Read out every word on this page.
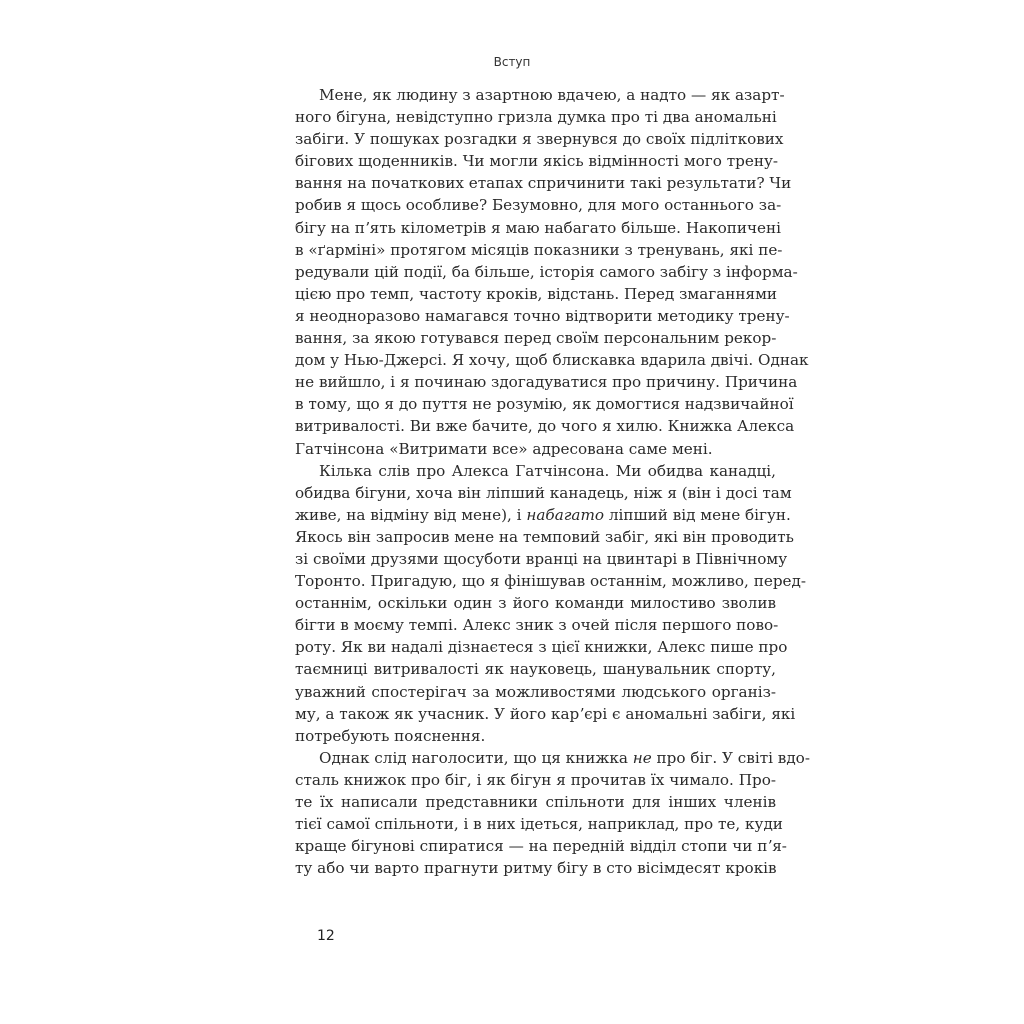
Вступ
Мене, як людину з азартною вдачею, а надто — як азарт-
ного бігуна, невідступно гризла думка про ті два аномальні
забіги. У пошуках розгадки я звернувся до своїх підліткових
бігових щоденників. Чи могли якісь відмінності мого трену-
вання на початкових етапах спричинити такі результати? Чи
робив я щось особливе? Безумовно, для мого останнього за-
бігу на пʼять кілометрів я маю набагато більше. Накопичені
в «ґарміні» протягом місяців показники з тренувань, які пе-
редували цій події, ба більше, історія самого забігу з інформа-
цією про темп, частоту кроків, відстань. Перед змаганнями
я неодноразово намагався точно відтворити методику трену-
вання, за якою готувався перед своїм персональним рекор-
дом у Нью-Джерсі. Я хочу, щоб блискавка вдарила двічі. Однак
не вийшло, і я починаю здогадуватися про причину. Причина
в тому, що я до пуття не розумію, як домогтися надзвичайної
витривалості. Ви вже бачите, до чого я хилю. Книжка Алекса
Гатчінсона «Витримати все» адресована саме мені.
Кілька слів про Алекса Гатчінсона. Ми обидва канадці,
обидва бігуни, хоча він ліпший канадець, ніж я (він і досі там
живе, на відміну від мене), і набагато ліпший від мене бігун.
Якось він запросив мене на темповий забіг, які він проводить
зі своїми друзями щосуботи вранці на цвинтарі в Північному
Торонто. Пригадую, що я фінішував останнім, можливо, перед-
останнім, оскільки один з його команди милостиво зволив
бігти в моєму темпі. Алекс зник з очей після першого пово-
роту. Як ви надалі дізнаєтеся з цієї книжки, Алекс пише про
таємниці витривалості як науковець, шанувальник спорту,
уважний спостерігач за можливостями людського організ-
му, а також як учасник. У його карʼєрі є аномальні забіги, які
потребують пояснення.
Однак слід наголосити, що ця книжка не про біг. У світі вдо-
сталь книжок про біг, і як бігун я прочитав їх чимало. Про-
те їх написали представники спільноти для інших членів
тієї самої спільноти, і в них ідеться, наприклад, про те, куди
краще бігунові спиратися — на передній відділ стопи чи пʼя-
ту або чи варто прагнути ритму бігу в сто вісімдесят кроків
12
